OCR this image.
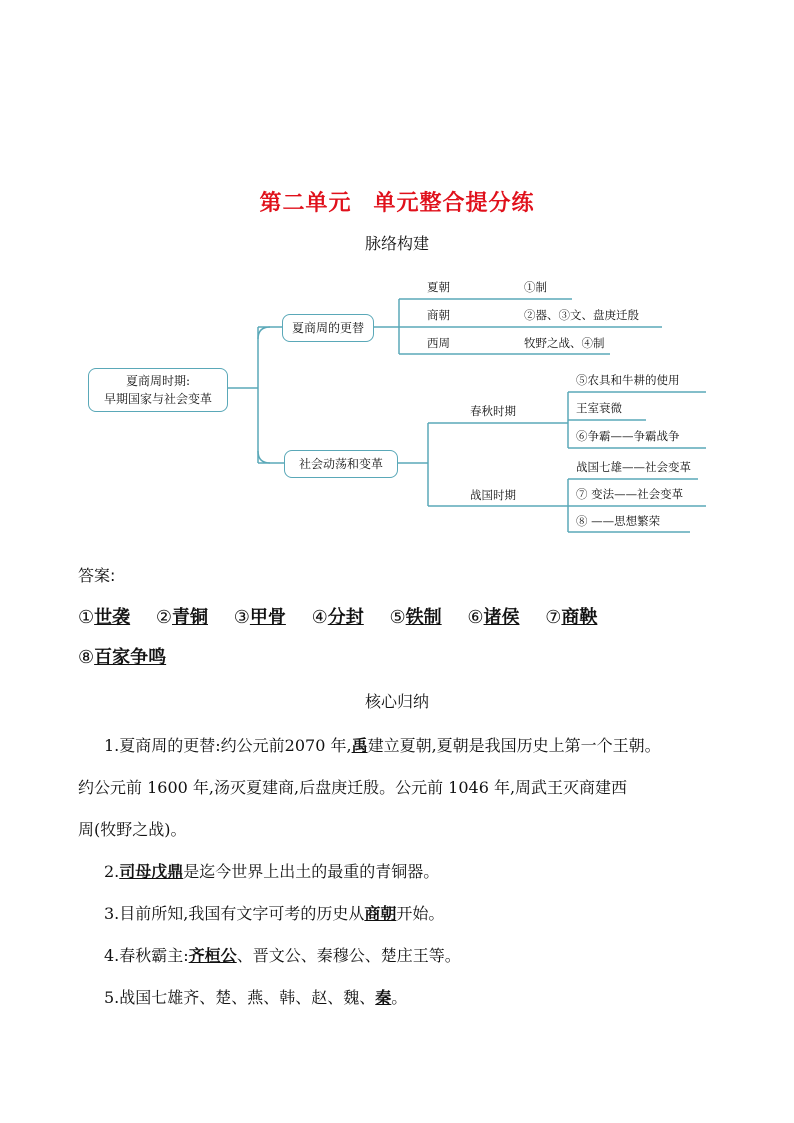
第二单元 单元整合提分练
脉络构建
夏商周时期:
早期国家与社会变革
夏商周的更替
社会动荡和变革
夏朝	①制
商朝	②器、③文、盘庚迁殷
西周	牧野之战、④制
春秋时期
⑤农具和牛耕的使用
王室衰微
⑥争霸——争霸战争
战国时期
战国七雄——社会变革
⑦ 变法——社会变革
⑧ ——思想繁荣
答案:
①世袭 ②青铜 ③甲骨 ④分封 ⑤铁制 ⑥诸侯 ⑦商鞅 ⑧百家争鸣
核心归纳

1.夏商周的更替:约公元前2070 年,禹建立夏朝,夏朝是我国历史上第一个王朝。

约公元前 1600 年,汤灭夏建商,后盘庚迁殷。公元前 1046 年,周武王灭商建西

周(牧野之战)。

2.司母戊鼎是迄今世界上出土的最重的青铜器。

3.目前所知,我国有文字可考的历史从商朝开始。

4.春秋霸主:齐桓公、晋文公、秦穆公、楚庄王等。

5.战国七雄齐、楚、燕、韩、赵、魏、秦。
